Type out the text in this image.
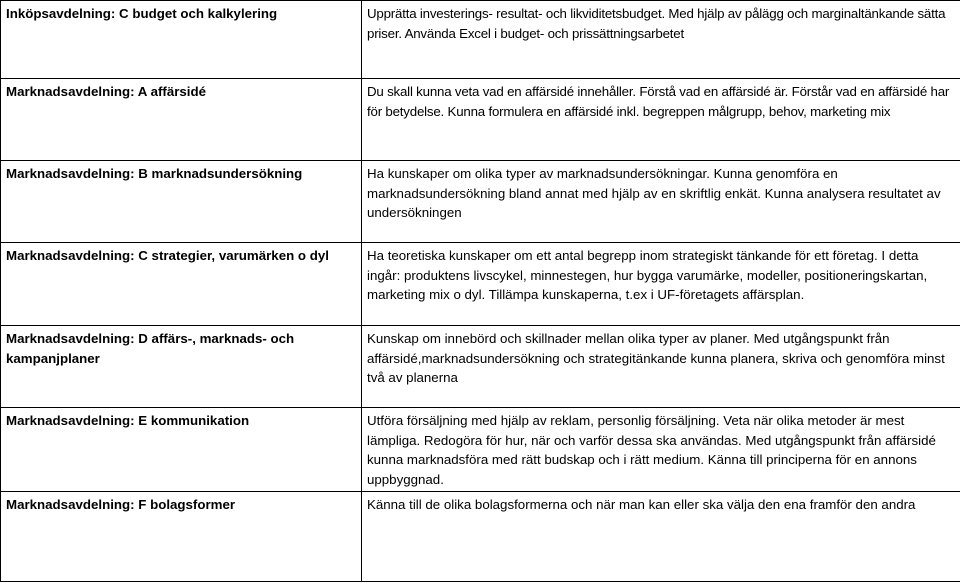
Inköpsavdelning: C budget och kalkylering	Upprätta investerings- resultat- och likviditetsbudget. Med hjälp av pålägg och marginaltänkande sätta priser. Använda Excel i budget- och prissättningsarbetet
Marknadsavdelning: A affärsidé	Du skall kunna veta vad en affärsidé innehåller. Förstå vad en affärsidé är. Förstår vad en affärsidé har för betydelse. Kunna formulera en affärsidé inkl. begreppen målgrupp, behov, marketing mix
Marknadsavdelning: B marknadsundersökning	Ha kunskaper om olika typer av marknadsundersökningar. Kunna genomföra en marknadsundersökning bland annat med hjälp av en skriftlig enkät. Kunna analysera resultatet av undersökningen
Marknadsavdelning: C strategier, varumärken o dyl	Ha teoretiska kunskaper om ett antal begrepp inom strategiskt tänkande för ett företag. I detta ingår: produktens livscykel, minnestegen, hur bygga varumärke, modeller, positioneringskartan, marketing mix o dyl. Tillämpa kunskaperna, t.ex i UF-företagets affärsplan.
Marknadsavdelning: D affärs-, marknads- och kampanjplaner	Kunskap om innebörd och skillnader mellan olika typer av planer. Med utgångspunkt från affärsidé,marknadsundersökning och strategitänkande kunna planera, skriva och genomföra minst två av planerna
Marknadsavdelning: E kommunikation	Utföra försäljning med hjälp av reklam, personlig försäljning. Veta när olika metoder är mest lämpliga. Redogöra för hur, när och varför dessa ska användas. Med utgångspunkt från affärsidé kunna marknadsföra med rätt budskap och i rätt medium. Känna till principerna för en annons uppbyggnad.
Marknadsavdelning: F bolagsformer	Känna till de olika bolagsformerna och när man kan eller ska välja den ena framför den andra
